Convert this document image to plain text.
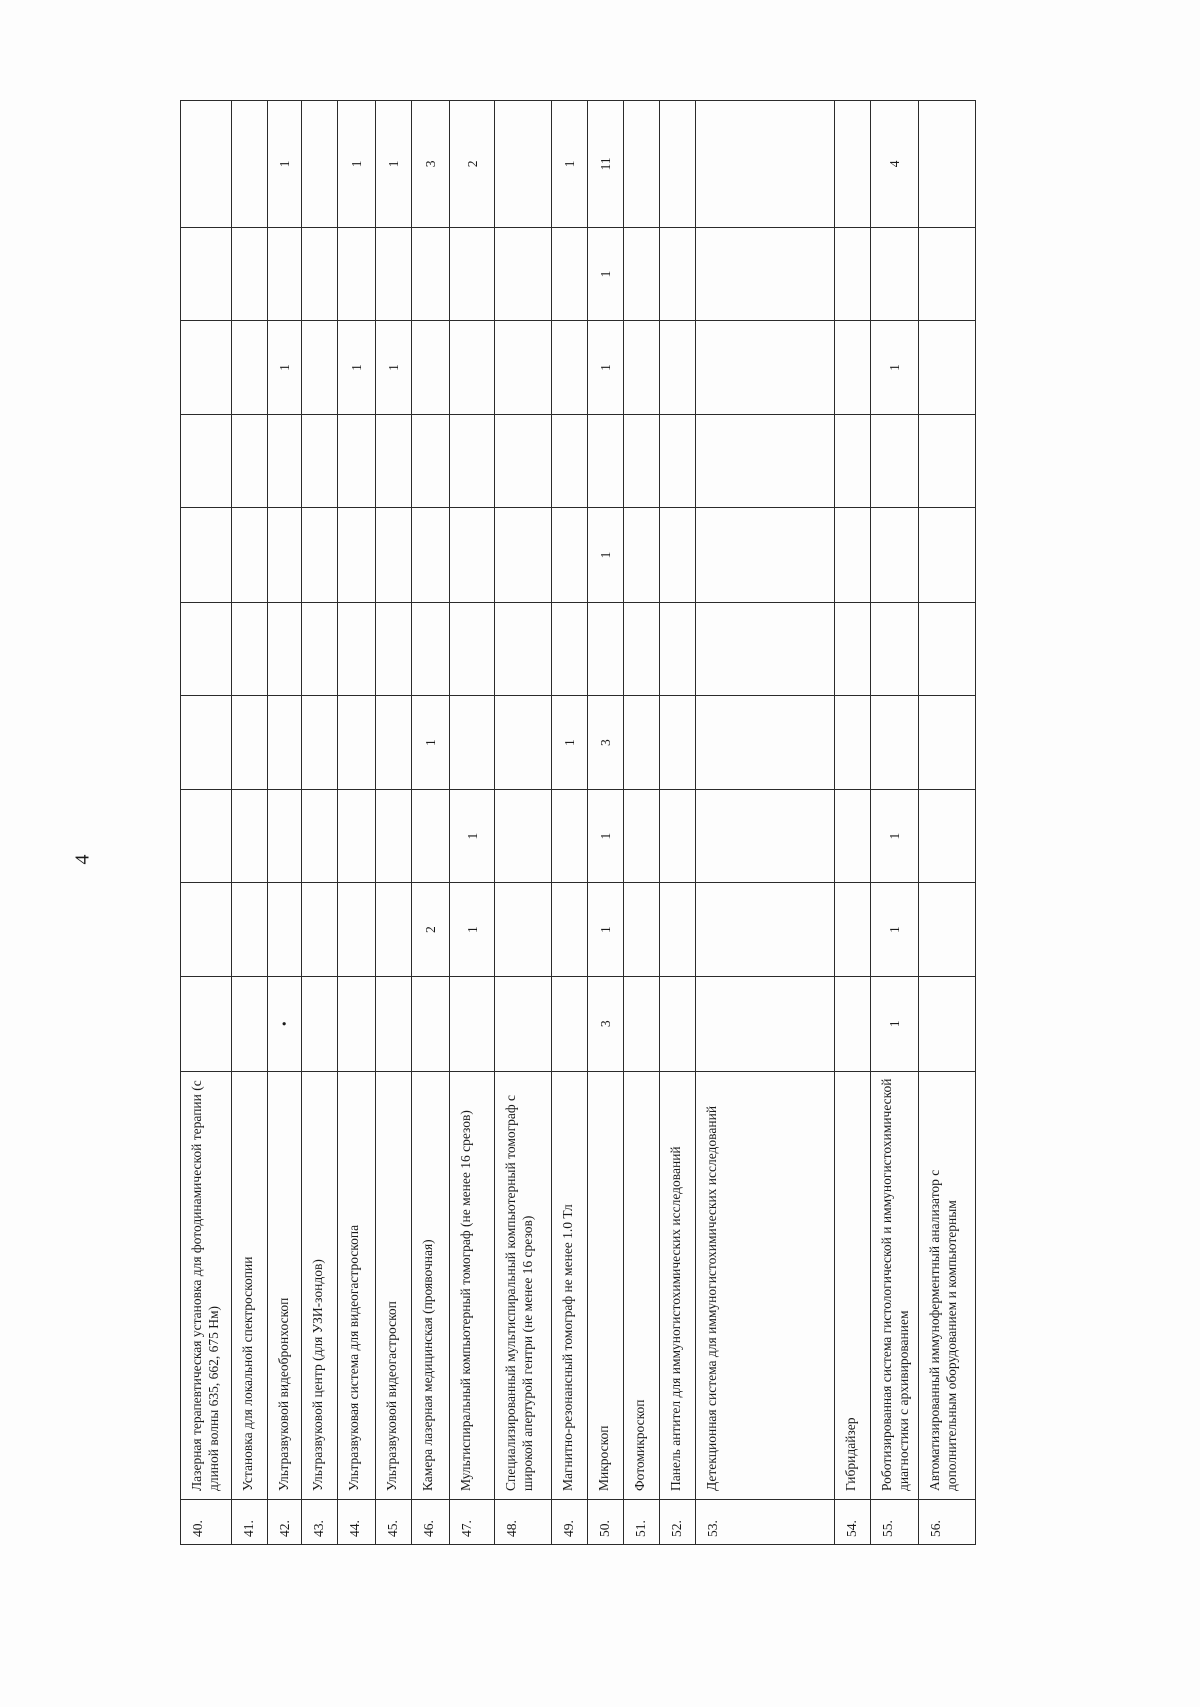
4
40.	Лазерная терапевтическая установка для фотодинамической терапии (с длиной волны 635, 662, 675 Нм)										
41.	Установка для локальной спектроскопии										
42.	Ультразвуковой видеобронхоскоп	•							1		1
43.	Ультразвуковой центр (для УЗИ-зондов)										
44.	Ультразвуковая система для видеогастроскопа								1		1
45.	Ультразвуковой видеогастроскоп								1		1
46.	Камера лазерная медицинская (проявочная)		2		1						3
47.	Мультиспиральный компьютерный томограф (не менее 16 срезов)		1	1							2
48.	Специализированный мультиспиральный компьютерный томограф с широкой апертурой гентри (не менее 16 срезов)										
49.	Магнитно-резонансный томограф не менее 1.0 Тл				1						1
50.	Микроскоп	3	1	1	3		1		1	1	11
51.	Фотомикроскоп										
52.	Панель антител для иммуногистохимических исследований										
53.	Детекционная система для иммуногистохимических исследований										
54.	Гибридайзер										
55.	Роботизированная система гистологической и иммуногистохимической диагностики с архивированием	1	1	1					1		4
56.	Автоматизированный иммуноферментный анализатор с дополнительным оборудованием и компьютерным										
